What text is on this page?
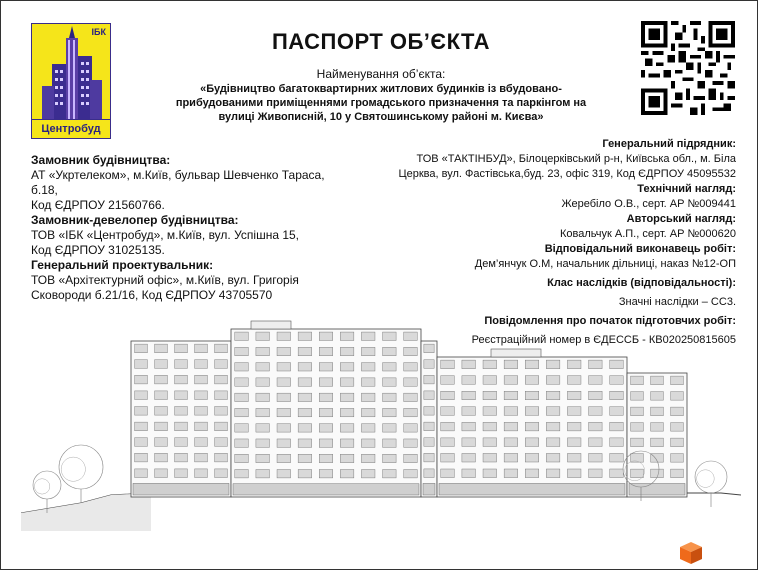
ІБК
Центробуд
ПАСПОРТ ОБ’ЄКТА
Найменування об’єкта:
«Будівництво багатоквартирних житлових будинків із вбудовано-
прибудованими приміщеннями громадського призначення та паркінгом на
вулиці Живописній, 10 у Святошинському районі м. Києва»
Замовник будівництва:
АТ «Укртелеком», м.Київ, бульвар Шевченко Тараса,
б.18,
Код ЄДРПОУ 21560766.
Замовник-девелопер будівництва:
ТОВ «ІБК «Центробуд», м.Київ, вул. Успішна 15,
Код ЄДРПОУ 31025135.
Генеральний проектувальник:
ТОВ «Архітектурний офіс», м.Київ, вул. Григорія
Сковороди б.21/16, Код ЄДРПОУ 43705570
Генеральний підрядник:
ТОВ «ТАКТІНБУД», Білоцерківський р-н, Київська обл., м. Біла
Церква, вул. Фастівська,буд. 23, офіс 319, Код ЄДРПОУ 45095532
Технічний нагляд:
Жеребіло О.В., серт. АР №009441
Авторський нагляд:
Ковальчук А.П., серт. АР №000620
Відповідальний виконавець робіт:
Дем’янчук О.М, начальник дільниці, наказ №12-ОП
Клас наслідків (відповідальності):
Значні наслідки – СС3.
Повідомлення про початок підготовчих робіт:
Реєстраційний номер в ЄДЕССБ - КВ020250815605
